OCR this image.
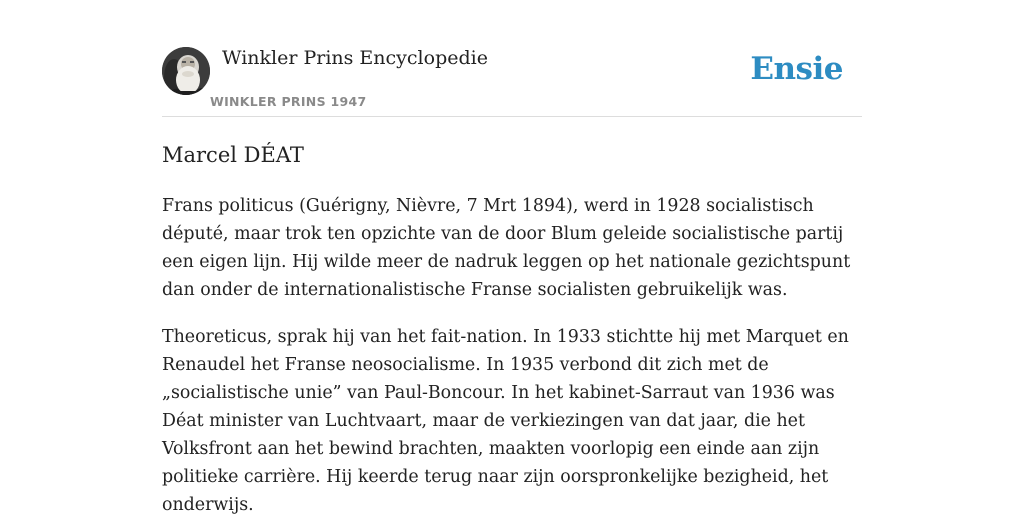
Winkler Prins Encyclopedie
WINKLER PRINS 1947
Ensie
Marcel DÉAT

Frans politicus (Guérigny, Nièvre, 7 Mrt 1894), werd in 1928 socialistisch député, maar trok ten opzichte van de door Blum geleide socialistische partij een eigen lijn. Hij wilde meer de nadruk leggen op het nationale gezichtspunt dan onder de internationalistische Franse socialisten gebruikelijk was.

Theoreticus, sprak hij van het fait-nation. In 1933 stichtte hij met Marquet en Renaudel het Franse neosocialisme. In 1935 verbond dit zich met de „socialistische unie” van Paul-Boncour. In het kabinet-Sarraut van 1936 was Déat minister van Luchtvaart, maar de verkiezingen van dat jaar, die het Volksfront aan het bewind brachten, maakten voorlopig een einde aan zijn politieke carrière. Hij keerde terug naar zijn oorspronkelijke bezigheid, het onderwijs.
